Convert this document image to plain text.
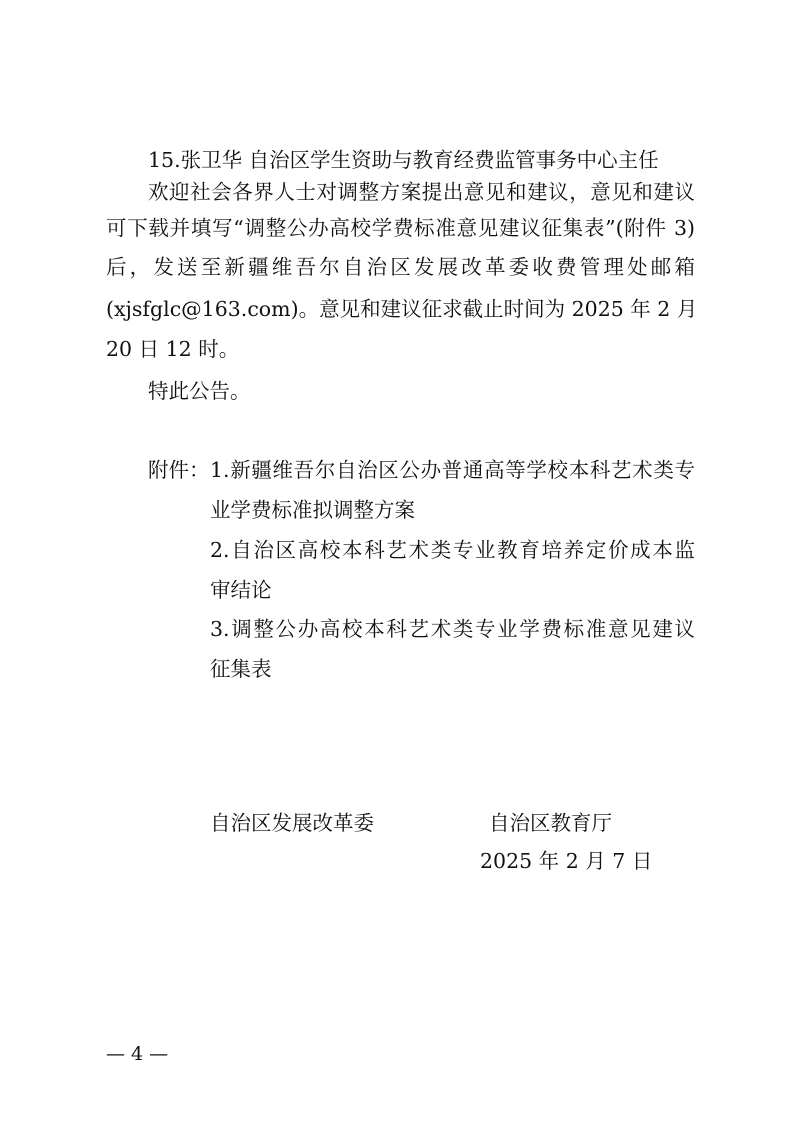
15.张卫华 自治区学生资助与教育经费监管事务中心主任
欢迎社会各界人士对调整方案提出意见和建议，意见和建议
可下载并填写“调整公办高校学费标准意见建议征集表”(附件 3)
后，发送至新疆维吾尔自治区发展改革委收费管理处邮箱
(xjsfglc@163.com)。意见和建议征求截止时间为 2025 年 2 月
20 日 12 时。
特此公告。
附件： 1.新疆维吾尔自治区公办普通高等学校本科艺术类专
业学费标准拟调整方案
2.自治区高校本科艺术类专业教育培养定价成本监
审结论
3.调整公办高校本科艺术类专业学费标准意见建议
征集表
自治区发展改革委	自治区教育厅
2025 年 2 月 7 日
— 4 —
